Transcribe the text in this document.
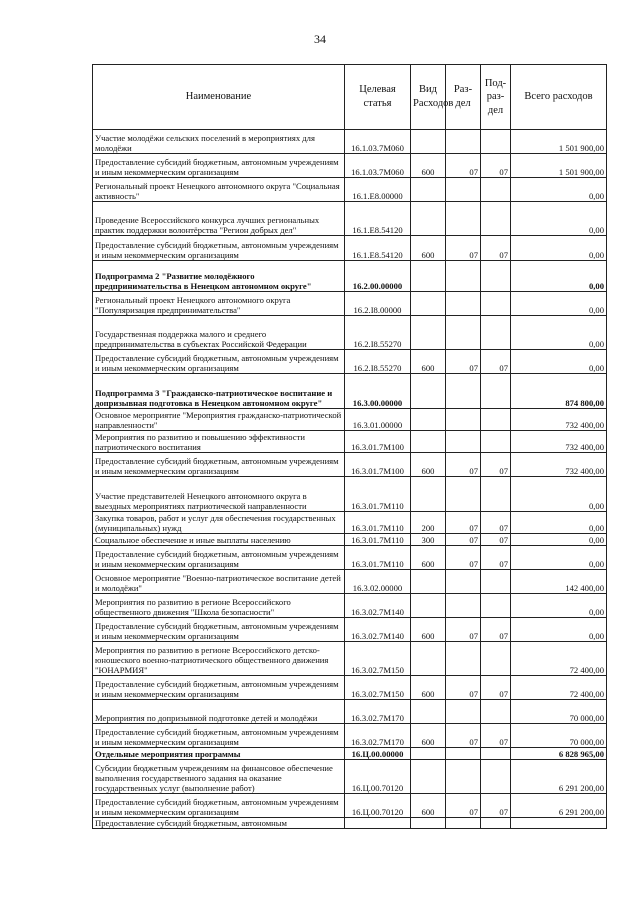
34
Наименование	Целевая статья	Вид Расходов	Раз-дел	Под-раз-дел	Всего расходов
Участие молодёжи сельских поселений в мероприятиях для молодёжи	16.1.03.7М060				1 501 900,00
Предоставление субсидий бюджетным, автономным учреждениям и иным некоммерческим организациям	16.1.03.7М060	600	07	07	1 501 900,00
Региональный проект Ненецкого автономного округа "Социальная активность"	16.1.Е8.00000				0,00
Проведение Всероссийского конкурса лучших региональных практик поддержки волонтёрства "Регион добрых дел"	16.1.Е8.54120				0,00
Предоставление субсидий бюджетным, автономным учреждениям и иным некоммерческим организациям	16.1.Е8.54120	600	07	07	0,00
Подпрограмма 2 "Развитие молодёжного предпринимательства в Ненецком автономном округе"	16.2.00.00000				0,00
Региональный проект Ненецкого автономного округа "Популяризация предпринимательства"	16.2.I8.00000				0,00
Государственная поддержка малого и среднего предпринимательства в субъектах Российской Федерации	16.2.I8.55270				0,00
Предоставление субсидий бюджетным, автономным учреждениям и иным некоммерческим организациям	16.2.I8.55270	600	07	07	0,00
Подпрограмма 3 "Гражданско-патриотическое воспитание и допризывная подготовка в Ненецком автономном округе"	16.3.00.00000				874 800,00
Основное мероприятие "Мероприятия гражданско-патриотической направленности"	16.3.01.00000				732 400,00
Мероприятия по развитию и повышению эффективности патриотического воспитания	16.3.01.7М100				732 400,00
Предоставление субсидий бюджетным, автономным учреждениям и иным некоммерческим организациям	16.3.01.7М100	600	07	07	732 400,00
Участие представителей Ненецкого автономного округа в выездных мероприятиях патриотической направленности	16.3.01.7М110				0,00
Закупка товаров, работ и услуг для обеспечения государственных (муниципальных) нужд	16.3.01.7М110	200	07	07	0,00
Социальное обеспечение и иные выплаты населению	16.3.01.7М110	300	07	07	0,00
Предоставление субсидий бюджетным, автономным учреждениям и иным некоммерческим организациям	16.3.01.7М110	600	07	07	0,00
Основное мероприятие "Военно-патриотическое воспитание детей и молодёжи"	16.3.02.00000				142 400,00
Мероприятия по развитию в регионе Всероссийского общественного движения "Школа безопасности"	16.3.02.7М140				0,00
Предоставление субсидий бюджетным, автономным учреждениям и иным некоммерческим организациям	16.3.02.7М140	600	07	07	0,00
Мероприятия по развитию в регионе Всероссийского детско-юношеского военно-патриотического общественного движения "ЮНАРМИЯ"	16.3.02.7М150				72 400,00
Предоставление субсидий бюджетным, автономным учреждениям и иным некоммерческим организациям	16.3.02.7М150	600	07	07	72 400,00
Мероприятия по допризывной подготовке детей и молодёжи	16.3.02.7М170				70 000,00
Предоставление субсидий бюджетным, автономным учреждениям и иным некоммерческим организациям	16.3.02.7М170	600	07	07	70 000,00
Отдельные мероприятия программы	16.Ц.00.00000				6 828 965,00
Субсидии бюджетным учреждениям на финансовое обеспечение выполнения государственного задания на оказание государственных услуг (выполнение работ)	16.Ц.00.70120				6 291 200,00
Предоставление субсидий бюджетным, автономным учреждениям и иным некоммерческим организациям	16.Ц.00.70120	600	07	07	6 291 200,00
Предоставление субсидий бюджетным, автономным					
